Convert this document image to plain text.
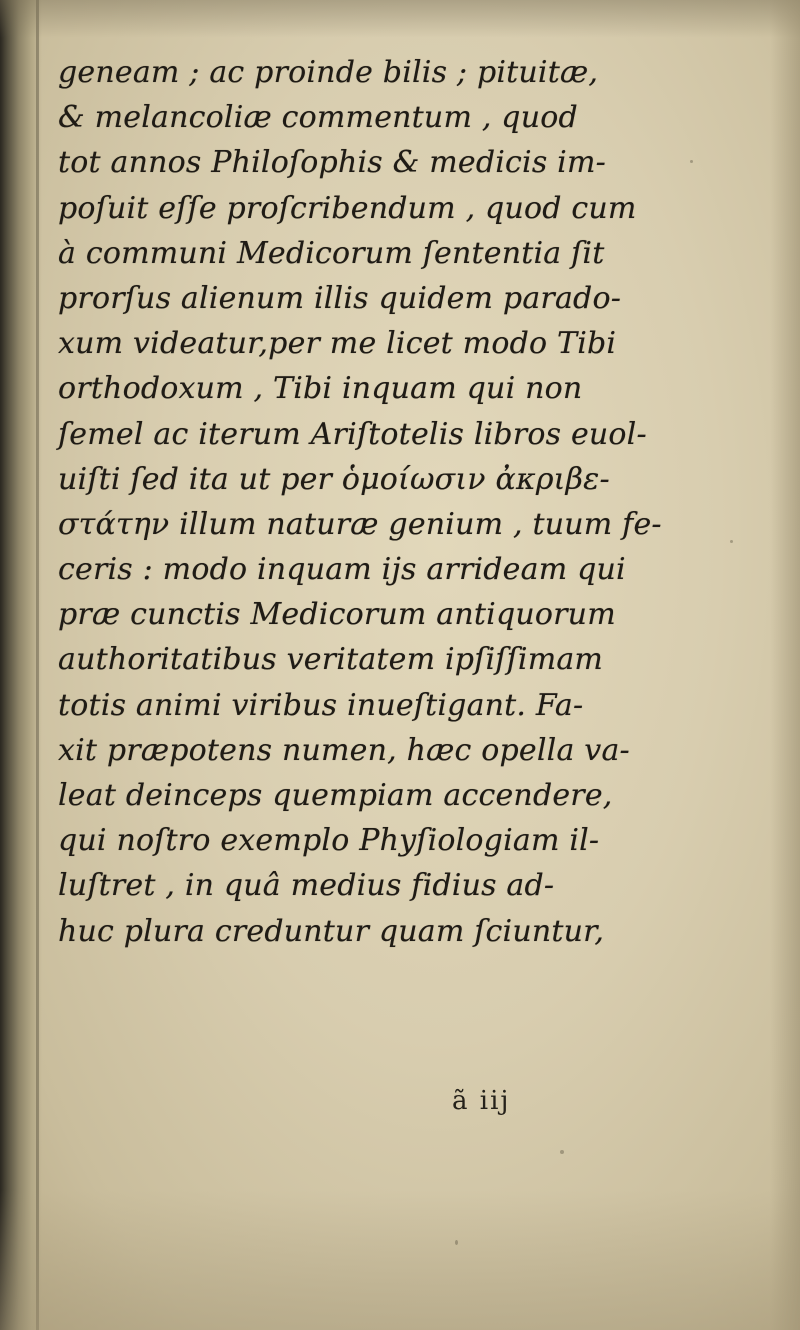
geneam ; ac proinde bilis ; pituitæ,
& melancoliæ commentum , quod
tot annos Philoſophis & medicis im-
poſuit eſſe proſcribendum , quod cum
à communi Medicorum ſententia ſit
prorſus alienum illis quidem parado-
xum videatur,per me licet modo Tibi
orthodoxum , Tibi inquam qui non
ſemel ac iterum Ariſtotelis libros euol-
uiſti ſed ita ut per ὁμοίωσιν ἀκριβε-
στάτην illum naturæ genium , tuum fe-
ceris : modo inquam ijs arrideam qui
præ cunctis Medicorum antiquorum
authoritatibus veritatem ipſiſſimam
totis animi viribus inueſtigant. Fa-
xit præpotens numen, hæc opella va-
leat deinceps quempiam accendere,
qui noſtro exemplo Phyſiologiam il-
luſtret , in quâ medius fidius ad-
huc plura creduntur quam ſciuntur,
ã iij
